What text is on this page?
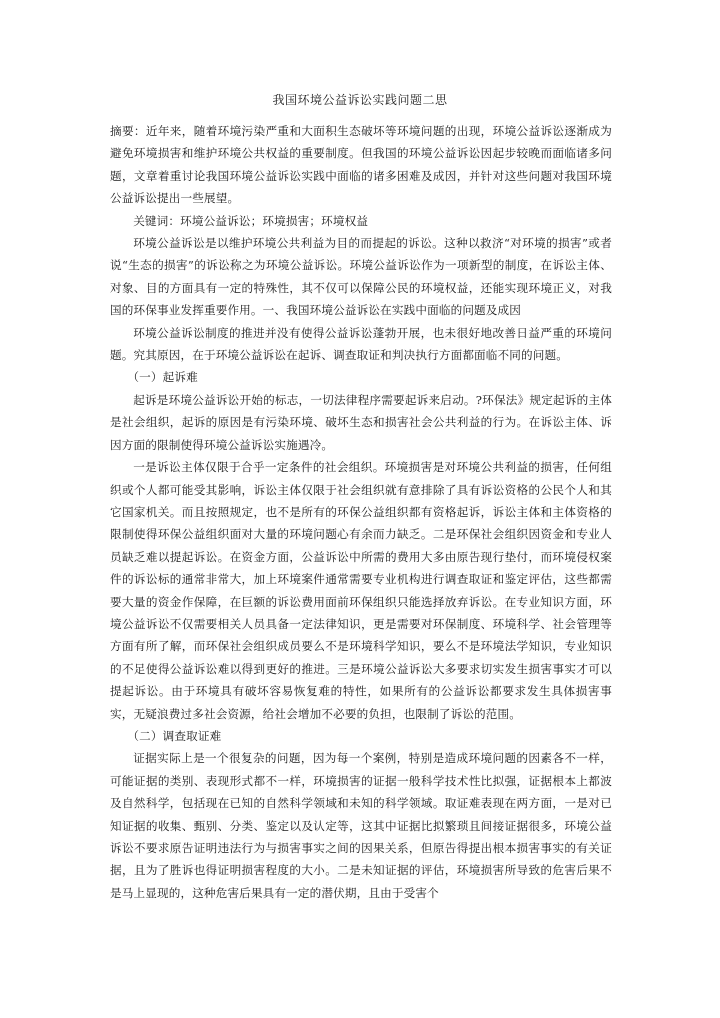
我国环境公益诉讼实践问题二思

摘要：近年来，随着环境污染严重和大面积生态破坏等环境问题的出现，环境公益诉讼逐渐成为避免环境损害和维护环境公共权益的重要制度。但我国的环境公益诉讼因起步较晚而面临诸多问题，文章着重讨论我国环境公益诉讼实践中面临的诸多困难及成因，并针对这些问题对我国环境公益诉讼提出一些展望。

关键词：环境公益诉讼；环境损害；环境权益

环境公益诉讼是以维护环境公共利益为目的而提起的诉讼。这种以救济“对环境的损害”或者说“生态的损害”的诉讼称之为环境公益诉讼。环境公益诉讼作为一项新型的制度，在诉讼主体、对象、目的方面具有一定的特殊性，其不仅可以保障公民的环境权益，还能实现环境正义，对我国的环保事业发挥重要作用。一、我国环境公益诉讼在实践中面临的问题及成因

环境公益诉讼制度的推进并没有使得公益诉讼蓬勃开展，也未很好地改善日益严重的环境问题。究其原因，在于环境公益诉讼在起诉、调查取证和判决执行方面都面临不同的问题。

（一）起诉难

起诉是环境公益诉讼开始的标志，一切法律程序需要起诉来启动。?环保法》规定起诉的主体是社会组织，起诉的原因是有污染环境、破坏生态和损害社会公共利益的行为。在诉讼主体、诉因方面的限制使得环境公益诉讼实施遇冷。

一是诉讼主体仅限于合乎一定条件的社会组织。环境损害是对环境公共利益的损害，任何组织或个人都可能受其影响，诉讼主体仅限于社会组织就有意排除了具有诉讼资格的公民个人和其它国家机关。而且按照规定，也不是所有的环保公益组织都有资格起诉，诉讼主体和主体资格的限制使得环保公益组织面对大量的环境问题心有余而力缺乏。二是环保社会组织因资金和专业人员缺乏难以提起诉讼。在资金方面，公益诉讼中所需的费用大多由原告现行垫付，而环境侵权案件的诉讼标的通常非常大，加上环境案件通常需要专业机构进行调查取证和鉴定评估，这些都需要大量的资金作保障，在巨额的诉讼费用面前环保组织只能选择放弃诉讼。在专业知识方面，环境公益诉讼不仅需要相关人员具备一定法律知识，更是需要对环保制度、环境科学、社会管理等方面有所了解，而环保社会组织成员要么不是环境科学知识，要么不是环境法学知识，专业知识的不足使得公益诉讼难以得到更好的推进。三是环境公益诉讼大多要求切实发生损害事实才可以提起诉讼。由于环境具有破坏容易恢复难的特性，如果所有的公益诉讼都要求发生具体损害事实，无疑浪费过多社会资源，给社会增加不必要的负担，也限制了诉讼的范围。

（二）调查取证难

证据实际上是一个很复杂的问题，因为每一个案例，特别是造成环境问题的因素各不一样，可能证据的类别、表现形式都不一样，环境损害的证据一般科学技术性比拟强，证据根本上都波及自然科学，包括现在已知的自然科学领域和未知的科学领域。取证难表现在两方面，一是对已知证据的收集、甄别、分类、鉴定以及认定等，这其中证据比拟繁琐且间接证据很多，环境公益诉讼不要求原告证明违法行为与损害事实之间的因果关系，但原告得提出根本损害事实的有关证据，且为了胜诉也得证明损害程度的大小。二是未知证据的评估，环境损害所导致的危害后果不是马上显现的，这种危害后果具有一定的潜伏期，且由于受害个
